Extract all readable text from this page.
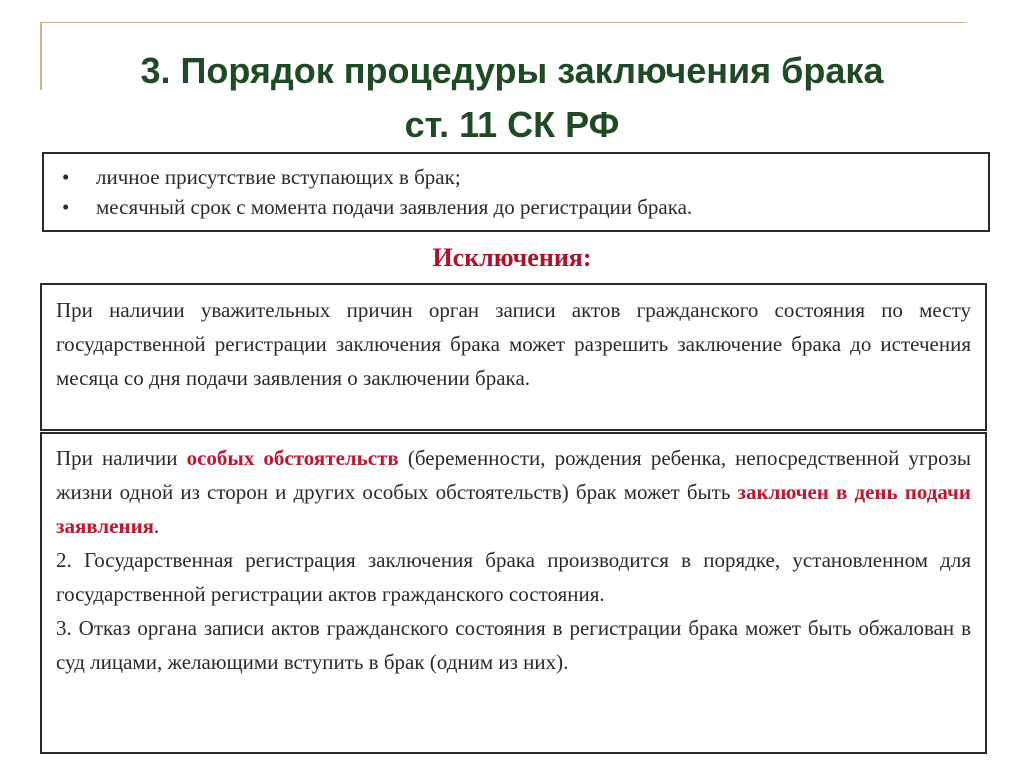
3. Порядок процедуры заключения брака
ст. 11 СК РФ
•	личное присутствие вступающих в брак;
•	месячный срок с момента подачи заявления до регистрации брака.
Исключения:

При наличии уважительных причин орган записи актов гражданского состояния по месту государственной регистрации заключения брака может разрешить заключение брака до истечения месяца со дня подачи заявления о заключении брака.

При наличии особых обстоятельств (беременности, рождения ребенка, непосредственной угрозы жизни одной из сторон и других особых обстоятельств) брак может быть заключен в день подачи заявления.

2. Государственная регистрация заключения брака производится в порядке, установленном для государственной регистрации актов гражданского состояния.

3. Отказ органа записи актов гражданского состояния в регистрации брака может быть обжалован в суд лицами, желающими вступить в брак (одним из них).
